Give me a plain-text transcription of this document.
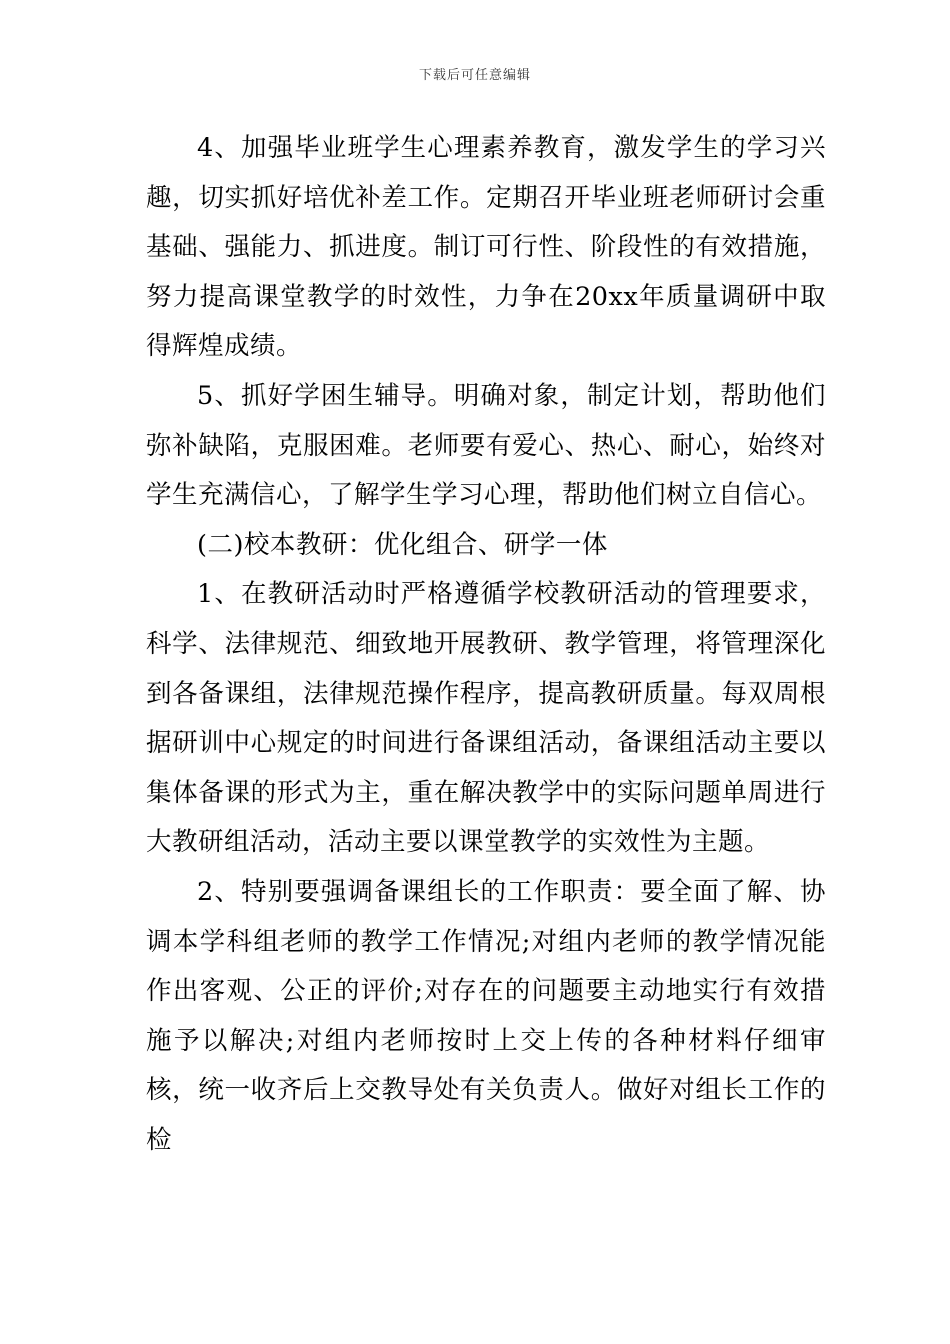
下载后可任意编辑

4、加强毕业班学生心理素养教育，激发学生的学习兴趣，切实抓好培优补差工作。定期召开毕业班老师研讨会重基础、强能力、抓进度。制订可行性、阶段性的有效措施，努力提高课堂教学的时效性，力争在20xx年质量调研中取得辉煌成绩。

5、抓好学困生辅导。明确对象，制定计划，帮助他们弥补缺陷，克服困难。老师要有爱心、热心、耐心，始终对学生充满信心，了解学生学习心理，帮助他们树立自信心。

(二)校本教研：优化组合、研学一体

1、在教研活动时严格遵循学校教研活动的管理要求，科学、法律规范、细致地开展教研、教学管理，将管理深化到各备课组，法律规范操作程序，提高教研质量。每双周根据研训中心规定的时间进行备课组活动，备课组活动主要以集体备课的形式为主，重在解决教学中的实际问题单周进行大教研组活动，活动主要以课堂教学的实效性为主题。

2、特别要强调备课组长的工作职责：要全面了解、协调本学科组老师的教学工作情况;对组内老师的教学情况能作出客观、公正的评价;对存在的问题要主动地实行有效措施予以解决;对组内老师按时上交上传的各种材料仔细审核，统一收齐后上交教导处有关负责人。做好对组长工作的检
